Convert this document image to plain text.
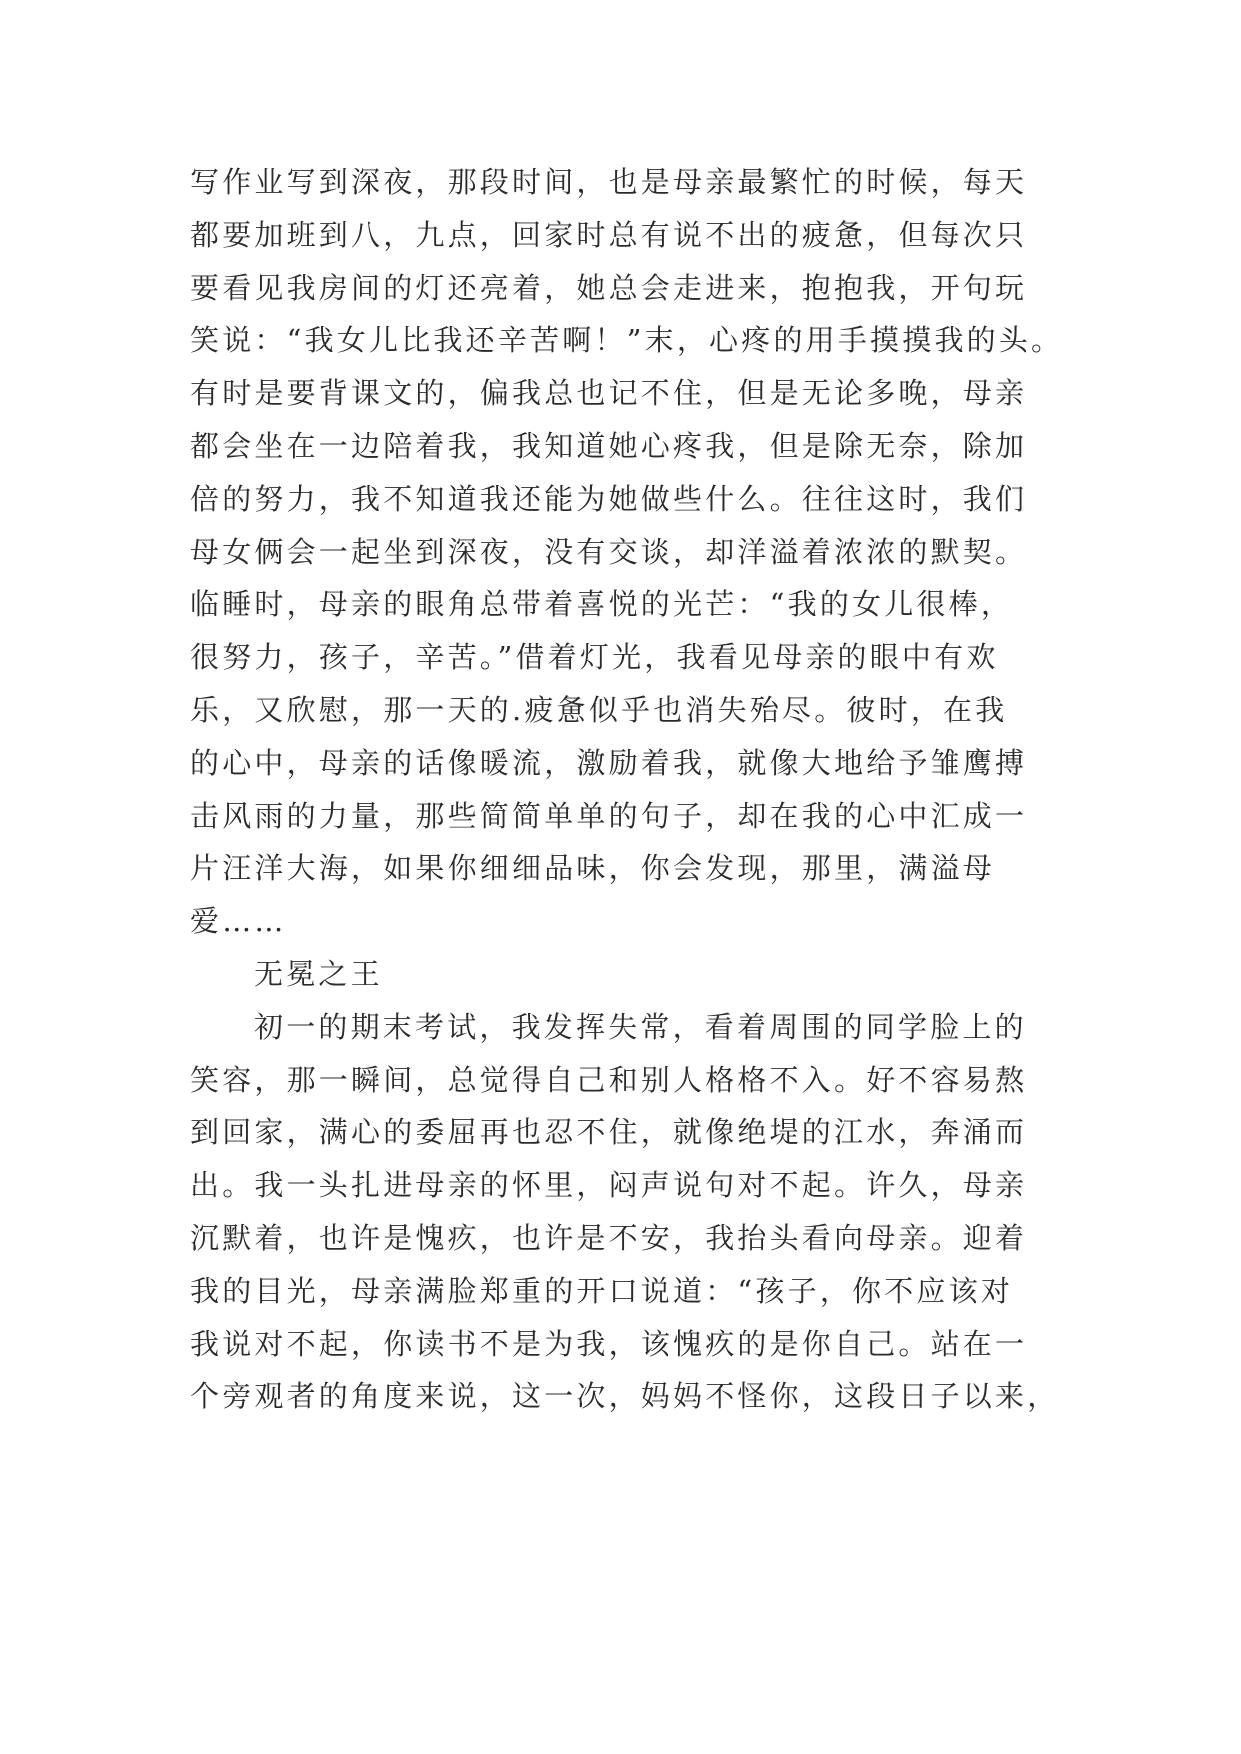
写作业写到深夜，那段时间，也是母亲最繁忙的时候，每天
都要加班到八，九点，回家时总有说不出的疲惫，但每次只
要看见我房间的灯还亮着，她总会走进来，抱抱我，开句玩
笑说：“我女儿比我还辛苦啊！”末，心疼的用手摸摸我的头。
有时是要背课文的，偏我总也记不住，但是无论多晚，母亲
都会坐在一边陪着我，我知道她心疼我，但是除无奈，除加
倍的努力，我不知道我还能为她做些什么。往往这时，我们
母女俩会一起坐到深夜，没有交谈，却洋溢着浓浓的默契。
临睡时，母亲的眼角总带着喜悦的光芒：“我的女儿很棒，
很努力，孩子，辛苦。”借着灯光，我看见母亲的眼中有欢
乐，又欣慰，那一天的.疲惫似乎也消失殆尽。彼时，在我
的心中，母亲的话像暖流，激励着我，就像大地给予雏鹰搏
击风雨的力量，那些简简单单的句子，却在我的心中汇成一
片汪洋大海，如果你细细品味，你会发现，那里，满溢母
爱……
无冕之王
初一的期末考试，我发挥失常，看着周围的同学脸上的
笑容，那一瞬间，总觉得自己和别人格格不入。好不容易熬
到回家，满心的委屈再也忍不住，就像绝堤的江水，奔涌而
出。我一头扎进母亲的怀里，闷声说句对不起。许久，母亲
沉默着，也许是愧疚，也许是不安，我抬头看向母亲。迎着
我的目光，母亲满脸郑重的开口说道：“孩子，你不应该对
我说对不起，你读书不是为我，该愧疚的是你自己。站在一
个旁观者的角度来说，这一次，妈妈不怪你，这段日子以来，
